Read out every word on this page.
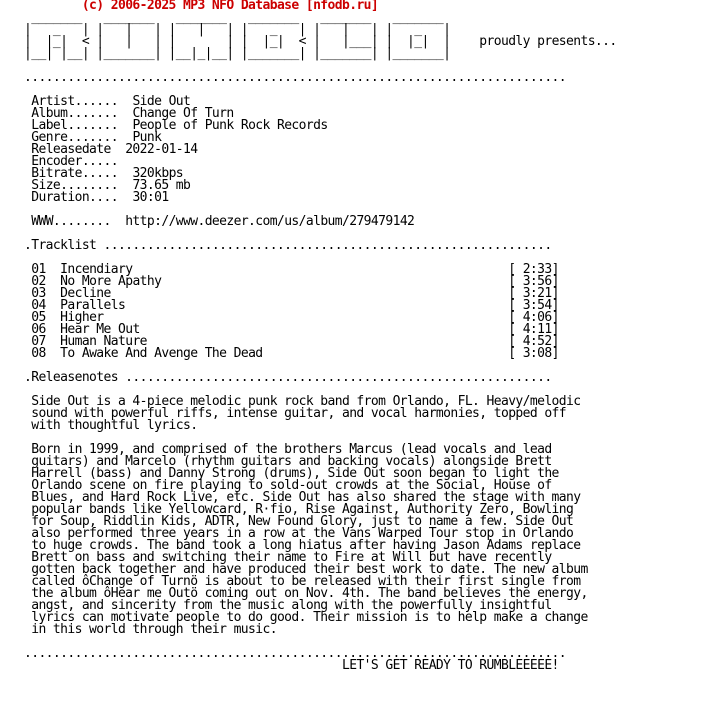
(c) 2006-2025 MP3 NFO Database [nfodb.ru]
_______   _______   _______   _______   _______   _______
|   _   | |   |   | |   |   | |   _   | |   |   | |   _   |
|  |_|  < |   |   | |       | |  |_|  < |   |___| |  |_|  | proudly presents...
|__| |__| |_______| |__|_|__| |_______| |_______| |_______|
...........................................................................
Artist...... Side Out
Album....... Change Of Turn
Label....... People of Punk Rock Records
Genre....... Punk
Releasedate 2022-01-14
Encoder.....
Bitrate..... 320kbps
Size........ 73.65 mb
Duration.... 30:01
WWW........ http://www.deezer.com/us/album/279479142
.Tracklist ..............................................................
01 Incendiary	[ 2:33]
02 No More Apathy	[ 3:56]
03 Decline	[ 3:21]
04 Parallels	[ 3:54]
05 Higher	[ 4:06]
06 Hear Me Out	[ 4:11]
07 Human Nature	[ 4:52]
08 To Awake And Avenge The Dead	[ 3:08]
.Releasenotes ...........................................................
Side Out is a 4-piece melodic punk rock band from Orlando, FL. Heavy/melodic
sound with powerful riffs, intense guitar, and vocal harmonies, topped off
with thoughtful lyrics.
Born in 1999, and comprised of the brothers Marcus (lead vocals and lead
guitars) and Marcelo (rhythm guitars and backing vocals) alongside Brett
Harrell (bass) and Danny Strong (drums), Side Out soon began to light the
Orlando scene on fire playing to sold-out crowds at the Social, House of
Blues, and Hard Rock Live, etc. Side Out has also shared the stage with many
popular bands like Yellowcard, R·fio, Rise Against, Authority Zero, Bowling
for Soup, Riddlin Kids, ADTR, New Found Glory, just to name a few. Side Out
also performed three years in a row at the Vans Warped Tour stop in Orlando
to huge crowds. The band took a long hiatus after having Jason Adams replace
Brett on bass and switching their name to Fire at Will but have recently
gotten back together and have produced their best work to date. The new album
called ôChange of Turnö is about to be released with their first single from
the album ôHear me Outö coming out on Nov. 4th. The band believes the energy,
angst, and sincerity from the music along with the powerfully insightful
lyrics can motivate people to do good. Their mission is to help make a change
in this world through their music.
...........................................................................
LET'S GET READY TO RUMBLEEEEE!
